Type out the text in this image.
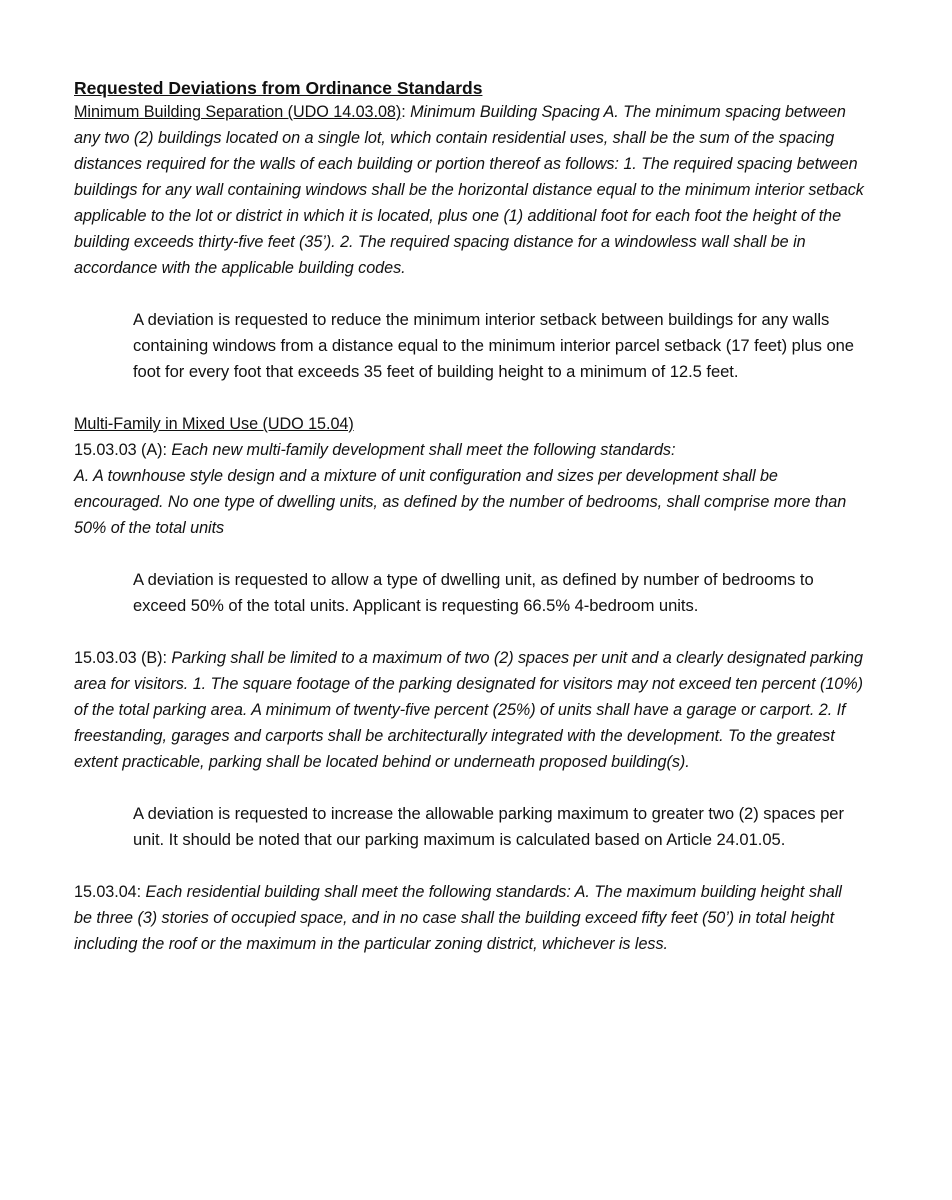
Requested Deviations from Ordinance Standards

Minimum Building Separation (UDO 14.03.08): Minimum Building Spacing A. The minimum spacing between any two (2) buildings located on a single lot, which contain residential uses, shall be the sum of the spacing distances required for the walls of each building or portion thereof as follows: 1. The required spacing between buildings for any wall containing windows shall be the horizontal distance equal to the minimum interior setback applicable to the lot or district in which it is located, plus one (1) additional foot for each foot the height of the building exceeds thirty-five feet (35’). 2. The required spacing distance for a windowless wall shall be in accordance with the applicable building codes.

A deviation is requested to reduce the minimum interior setback between buildings for any walls containing windows from a distance equal to the minimum interior parcel setback (17 feet) plus one foot for every foot that exceeds 35 feet of building height to a minimum of 12.5 feet.

Multi-Family in Mixed Use (UDO 15.04)

15.03.03 (A): Each new multi-family development shall meet the following standards:

A. A townhouse style design and a mixture of unit configuration and sizes per development shall be encouraged. No one type of dwelling units, as defined by the number of bedrooms, shall comprise more than 50% of the total units

A deviation is requested to allow a type of dwelling unit, as defined by number of bedrooms to exceed 50% of the total units. Applicant is requesting 66.5% 4-bedroom units.

15.03.03 (B): Parking shall be limited to a maximum of two (2) spaces per unit and a clearly designated parking area for visitors. 1. The square footage of the parking designated for visitors may not exceed ten percent (10%) of the total parking area. A minimum of twenty-five percent (25%) of units shall have a garage or carport. 2. If freestanding, garages and carports shall be architecturally integrated with the development. To the greatest extent practicable, parking shall be located behind or underneath proposed building(s).

A deviation is requested to increase the allowable parking maximum to greater two (2) spaces per unit. It should be noted that our parking maximum is calculated based on Article 24.01.05.

15.03.04: Each residential building shall meet the following standards: A. The maximum building height shall be three (3) stories of occupied space, and in no case shall the building exceed fifty feet (50’) in total height including the roof or the maximum in the particular zoning district, whichever is less.
